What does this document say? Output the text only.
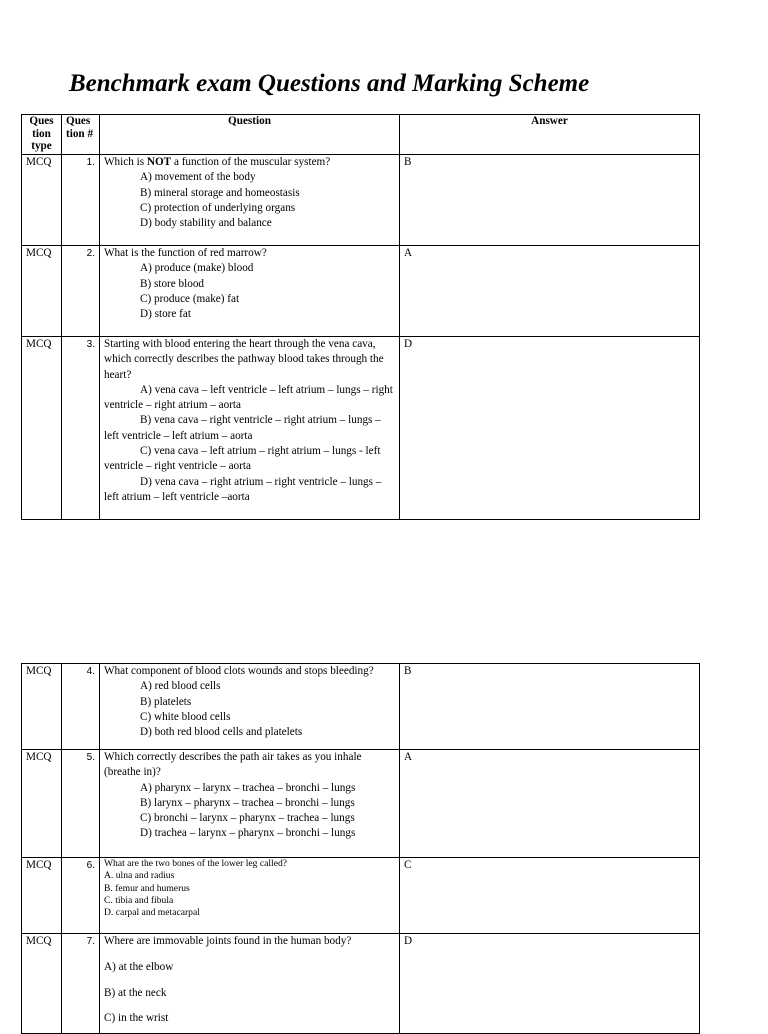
Benchmark exam Questions and Marking Scheme
Ques tion type	Ques tion #	Question	Answer
MCQ	1.	Which is NOT a function of the muscular system?
A) movement of the body
B) mineral storage and homeostasis
C) protection of underlying organs
D) body stability and balance	B
MCQ	2.	What is the function of red marrow?
A) produce (make) blood
B) store blood
C) produce (make) fat
D) store fat	A
MCQ	3.	Starting with blood entering the heart through the vena cava, which correctly describes the pathway blood takes through the heart?
A) vena cava – left ventricle – left atrium – lungs – right ventricle – right atrium – aorta
B) vena cava – right ventricle – right atrium – lungs – left ventricle – left atrium – aorta
C) vena cava – left atrium – right atrium – lungs - left ventricle – right ventricle – aorta
D) vena cava – right atrium – right ventricle – lungs – left atrium – left ventricle –aorta	D
MCQ	4.	What component of blood clots wounds and stops bleeding?
A) red blood cells
B) platelets
C) white blood cells
D) both red blood cells and platelets	B
MCQ	5.	Which correctly describes the path air takes as you inhale (breathe in)?
A) pharynx – larynx – trachea – bronchi – lungs
B) larynx – pharynx – trachea – bronchi – lungs
C) bronchi – larynx – pharynx – trachea – lungs
D) trachea – larynx – pharynx – bronchi – lungs	A
MCQ	6.	What are the two bones of the lower leg called?
A. ulna and radius
B. femur and humerus
C. tibia and fibula
D. carpal and metacarpal	C
MCQ	7.	Where are immovable joints found in the human body?
A) at the elbow
B) at the neck
C) in the wrist	D
